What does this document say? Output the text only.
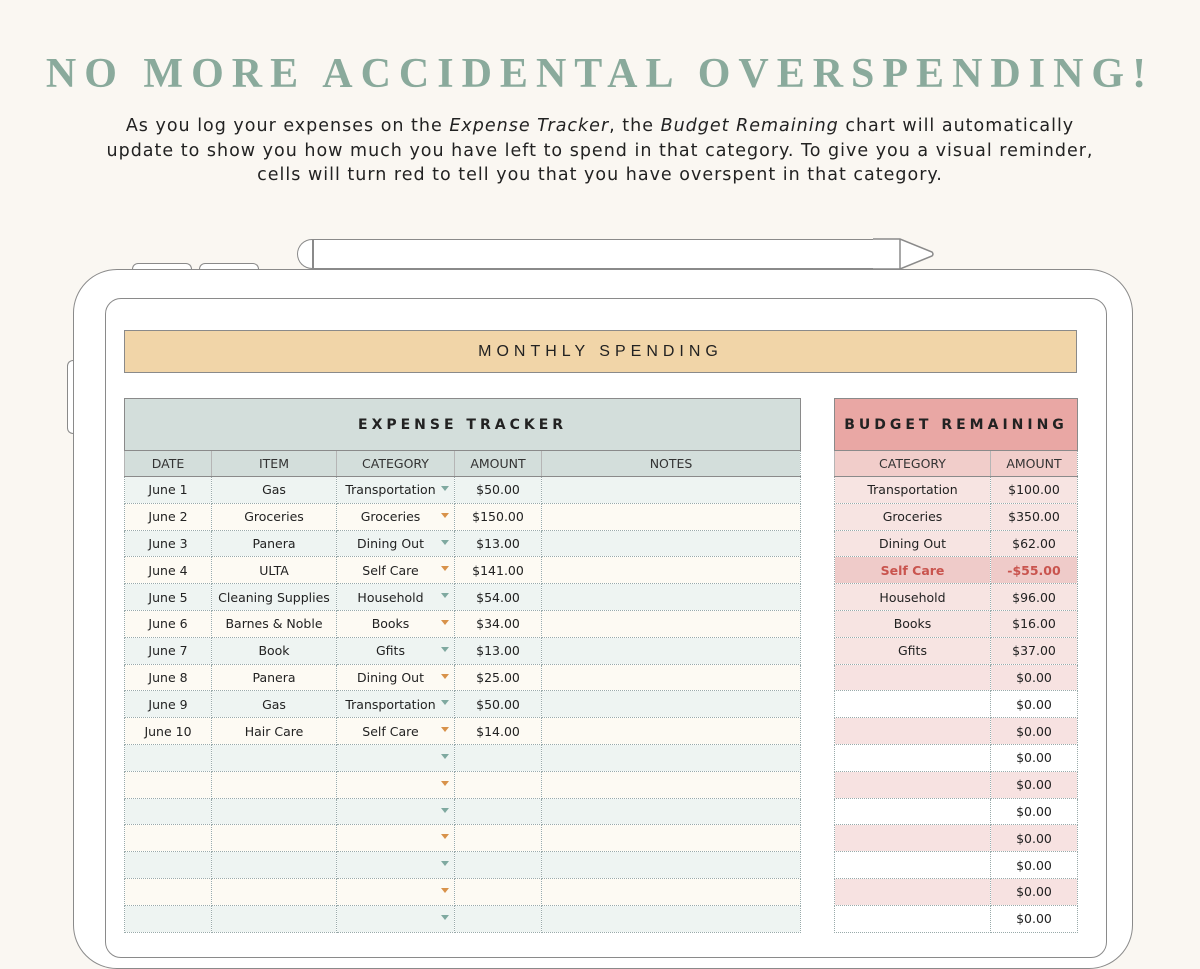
NO MORE ACCIDENTAL OVERSPENDING!

As you log your expenses on the Expense Tracker, the Budget Remaining chart will automatically update to show you how much you have left to spend in that category. To give you a visual reminder, cells will turn red to tell you that you have overspent in that category.

MONTHLY SPENDING
EXPENSE TRACKER				
DATE	ITEM	CATEGORY	AMOUNT	NOTES
June 1	Gas	Transportation	$50.00	
June 2	Groceries	Groceries	$150.00	
June 3	Panera	Dining Out	$13.00	
June 4	ULTA	Self Care	$141.00	
June 5	Cleaning Supplies	Household	$54.00	
June 6	Barnes & Noble	Books	$34.00	
June 7	Book	Gfits	$13.00	
June 8	Panera	Dining Out	$25.00	
June 9	Gas	Transportation	$50.00	
June 10	Hair Care	Self Care	$14.00	

BUDGET REMAINING	
CATEGORY	AMOUNT
Transportation	$100.00
Groceries	$350.00
Dining Out	$62.00
Self Care	-$55.00
Household	$96.00
Books	$16.00
Gfits	$37.00
	$0.00
	$0.00
	$0.00
	$0.00
	$0.00
	$0.00
	$0.00
	$0.00
	$0.00
	$0.00
